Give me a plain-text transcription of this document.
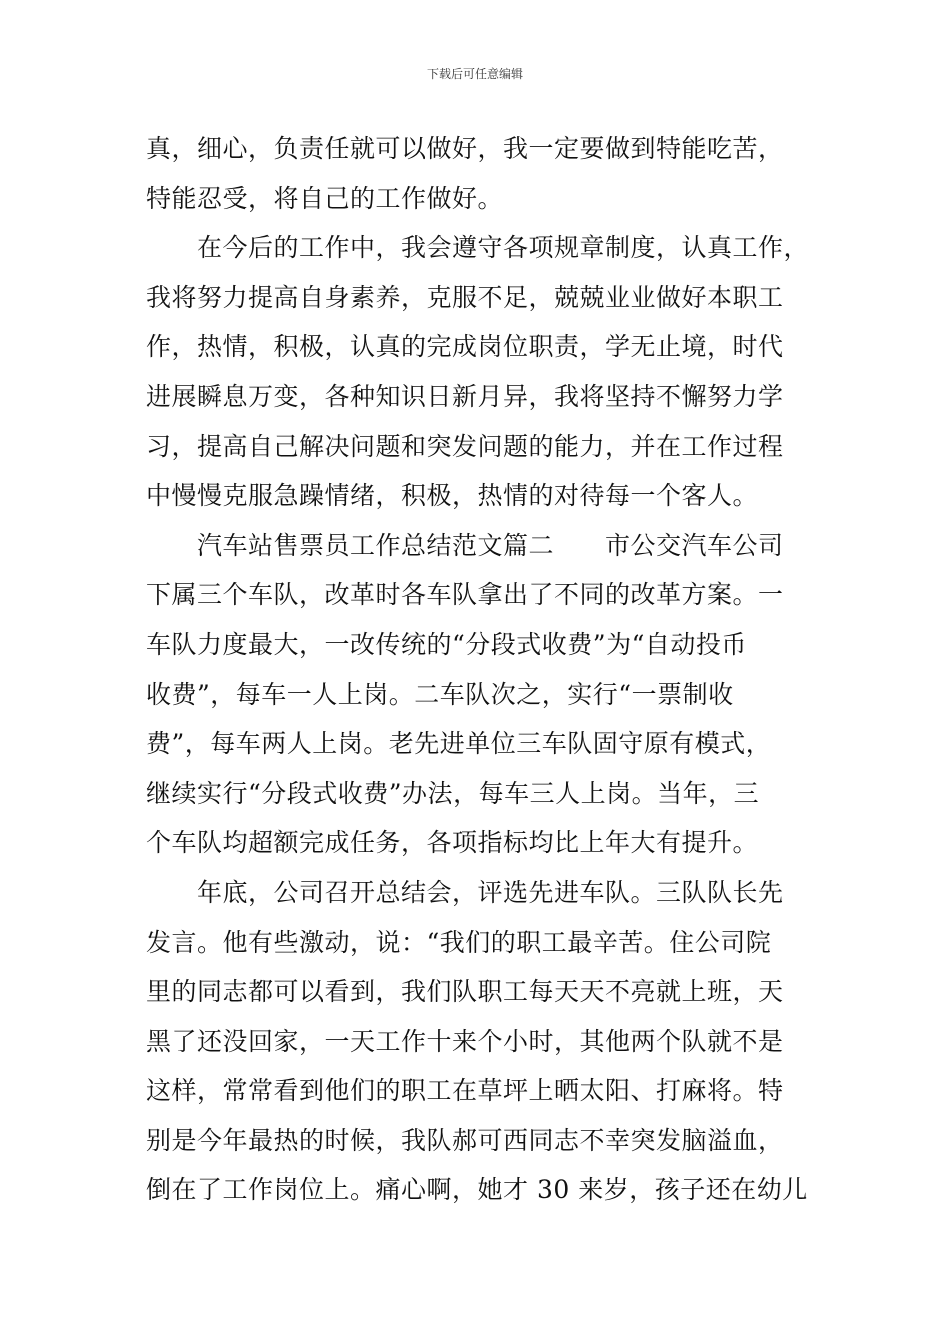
下载后可任意编辑
真，细心，负责任就可以做好，我一定要做到特能吃苦，
特能忍受，将自己的工作做好。
　　在今后的工作中，我会遵守各项规章制度，认真工作，
我将努力提高自身素养，克服不足，兢兢业业做好本职工
作，热情，积极，认真的完成岗位职责，学无止境，时代
进展瞬息万变，各种知识日新月异，我将坚持不懈努力学
习，提高自己解决问题和突发问题的能力，并在工作过程
中慢慢克服急躁情绪，积极，热情的对待每一个客人。
　　汽车站售票员工作总结范文篇二　　市公交汽车公司
下属三个车队，改革时各车队拿出了不同的改革方案。一
车队力度最大，一改传统的“分段式收费”为“自动投币
收费”，每车一人上岗。二车队次之，实行“一票制收
费”，每车两人上岗。老先进单位三车队固守原有模式，
继续实行“分段式收费”办法，每车三人上岗。当年，三
个车队均超额完成任务，各项指标均比上年大有提升。
　　年底，公司召开总结会，评选先进车队。三队队长先
发言。他有些激动，说：“我们的职工最辛苦。住公司院
里的同志都可以看到，我们队职工每天天不亮就上班，天
黑了还没回家，一天工作十来个小时，其他两个队就不是
这样，常常看到他们的职工在草坪上晒太阳、打麻将。特
别是今年最热的时候，我队郝可西同志不幸突发脑溢血，
倒在了工作岗位上。痛心啊，她才 30 来岁，孩子还在幼儿
